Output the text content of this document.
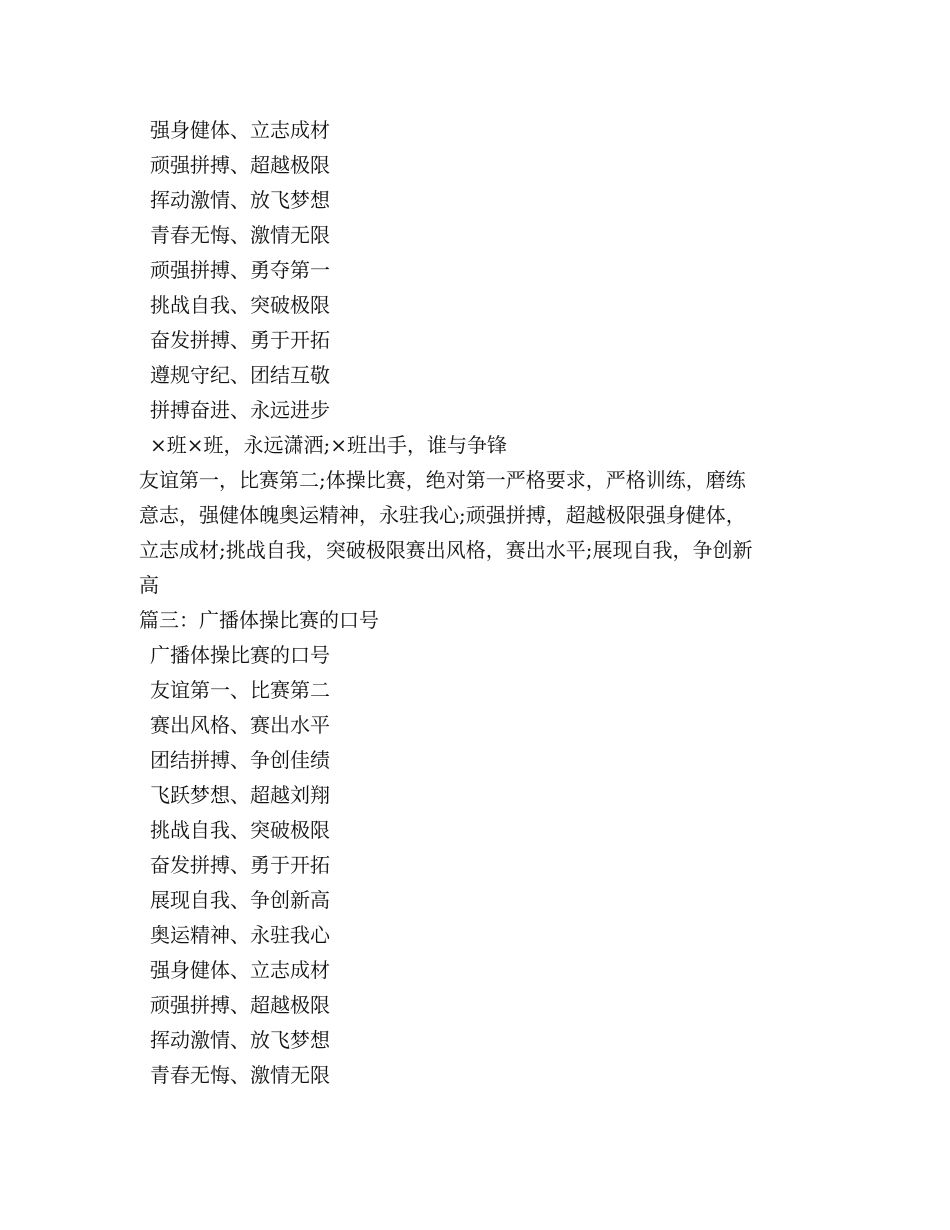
强身健体、立志成材
顽强拼搏、超越极限
挥动激情、放飞梦想
青春无悔、激情无限
顽强拼搏、勇夺第一
挑战自我、突破极限
奋发拼搏、勇于开拓
遵规守纪、团结互敬
拼搏奋进、永远进步
×班×班，永远潇洒;×班出手，谁与争锋
友谊第一，比赛第二;体操比赛，绝对第一严格要求，严格训练，磨练
意志，强健体魄奥运精神，永驻我心;顽强拼搏，超越极限强身健体，
立志成材;挑战自我，突破极限赛出风格，赛出水平;展现自我，争创新
高
篇三：广播体操比赛的口号
广播体操比赛的口号
友谊第一、比赛第二
赛出风格、赛出水平
团结拼搏、争创佳绩
飞跃梦想、超越刘翔
挑战自我、突破极限
奋发拼搏、勇于开拓
展现自我、争创新高
奥运精神、永驻我心
强身健体、立志成材
顽强拼搏、超越极限
挥动激情、放飞梦想
青春无悔、激情无限
